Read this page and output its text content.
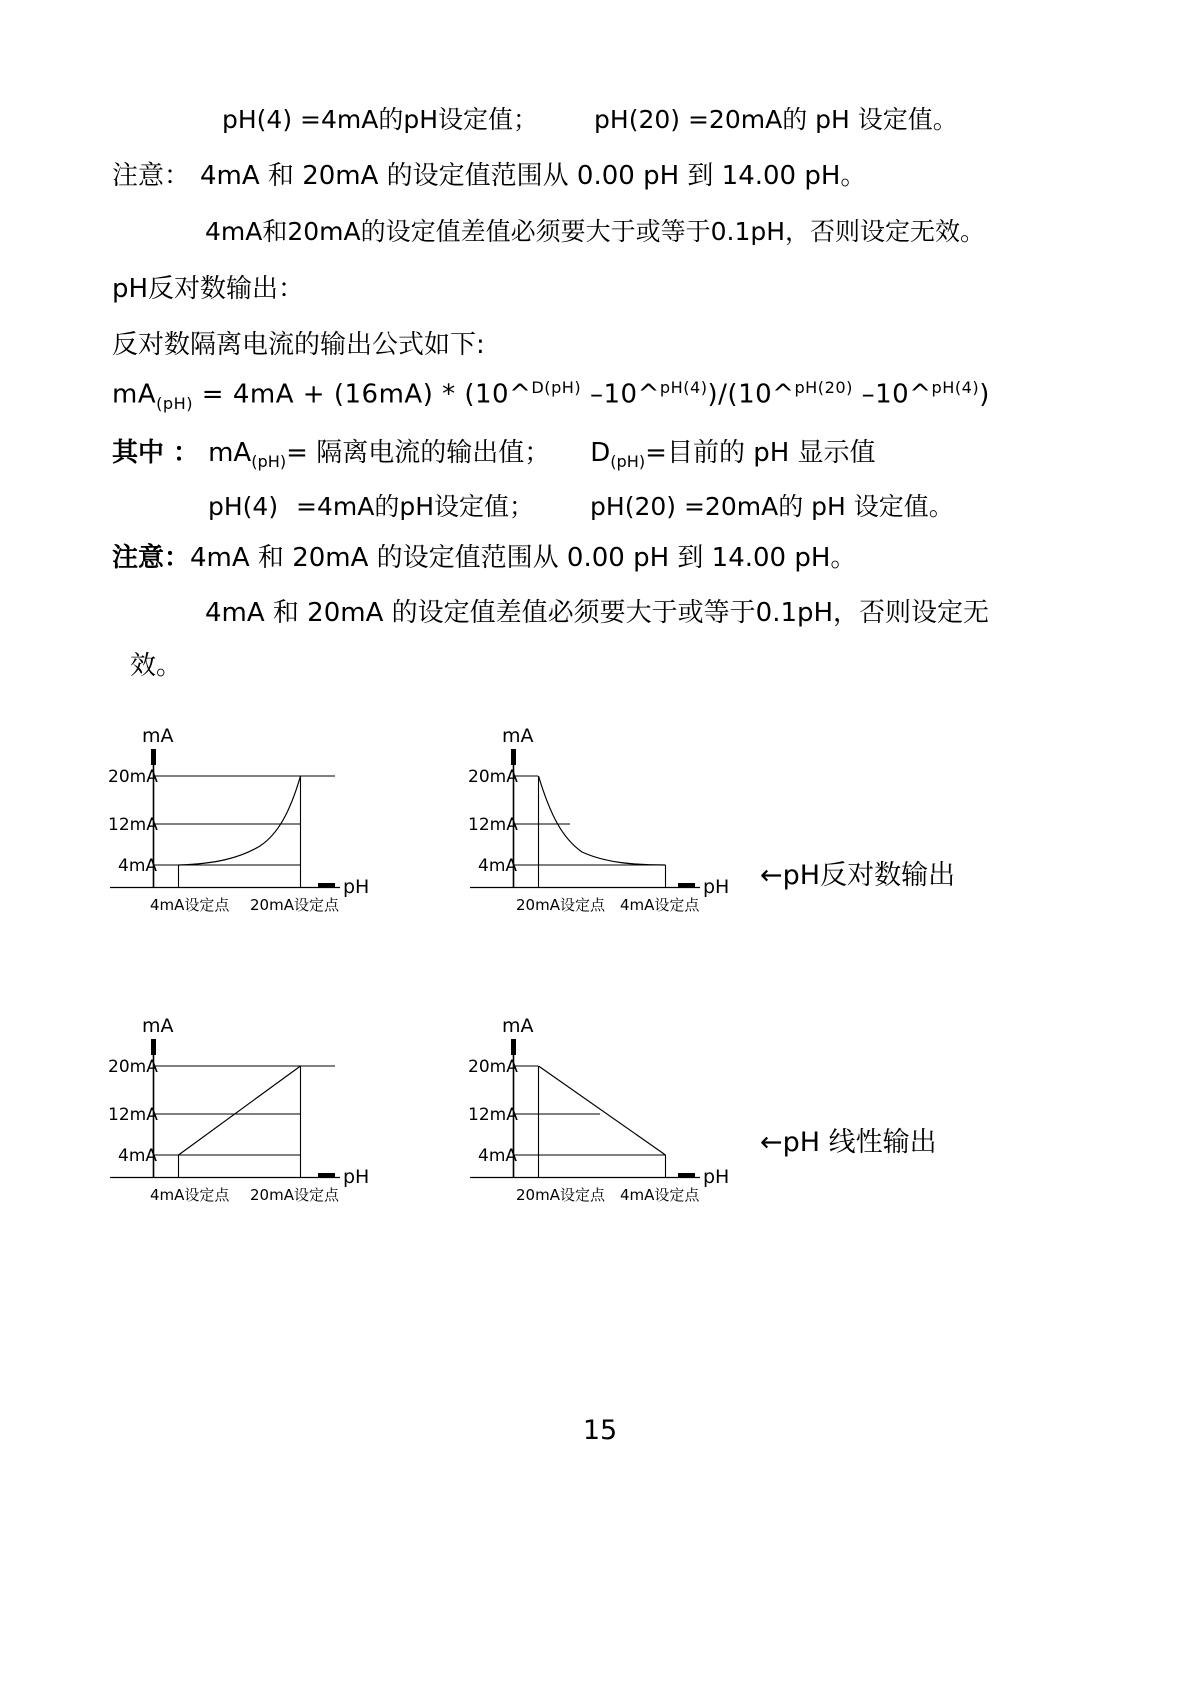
pH(4) =4mA的pH设定值； pH(20) =20mA的 pH 设定值。
注意： 4mA 和 20mA 的设定值范围从 0.00 pH 到 14.00 pH。
4mA和20mA的设定值差值必须要大于或等于0.1pH，否则设定无效。
pH反对数输出：
反对数隔离电流的输出公式如下:
$mA_{(pH)} = 4mA + (16mA)$ * (10^$^{D(pH)}$ –10^$^{pH(4)}$)/(10^$^{pH(20)}$ –10^$^{pH(4)}$)
其中 ： $mA_{(pH)}=$ 隔离电流的输出值； $D_{(pH)}=$目前的 pH 显示值
pH(4) =4mA的pH设定值； pH(20) =20mA的 pH 设定值。
注意：4mA 和 20mA 的设定值范围从 0.00 pH 到 14.00 pH。
4mA 和 20mA 的设定值差值必须要大于或等于0.1pH，否则设定无
效。
mA
pH
20mA
12mA
4mA
4mA设定点 20mA设定点
mA
pH
20mA
12mA
4mA
20mA设定点 4mA设定点
mA
pH
20mA
12mA
4mA
4mA设定点 20mA设定点
mA
pH
20mA
12mA
4mA
20mA设定点 4mA设定点
←pH反对数输出
←pH 线性输出
15
